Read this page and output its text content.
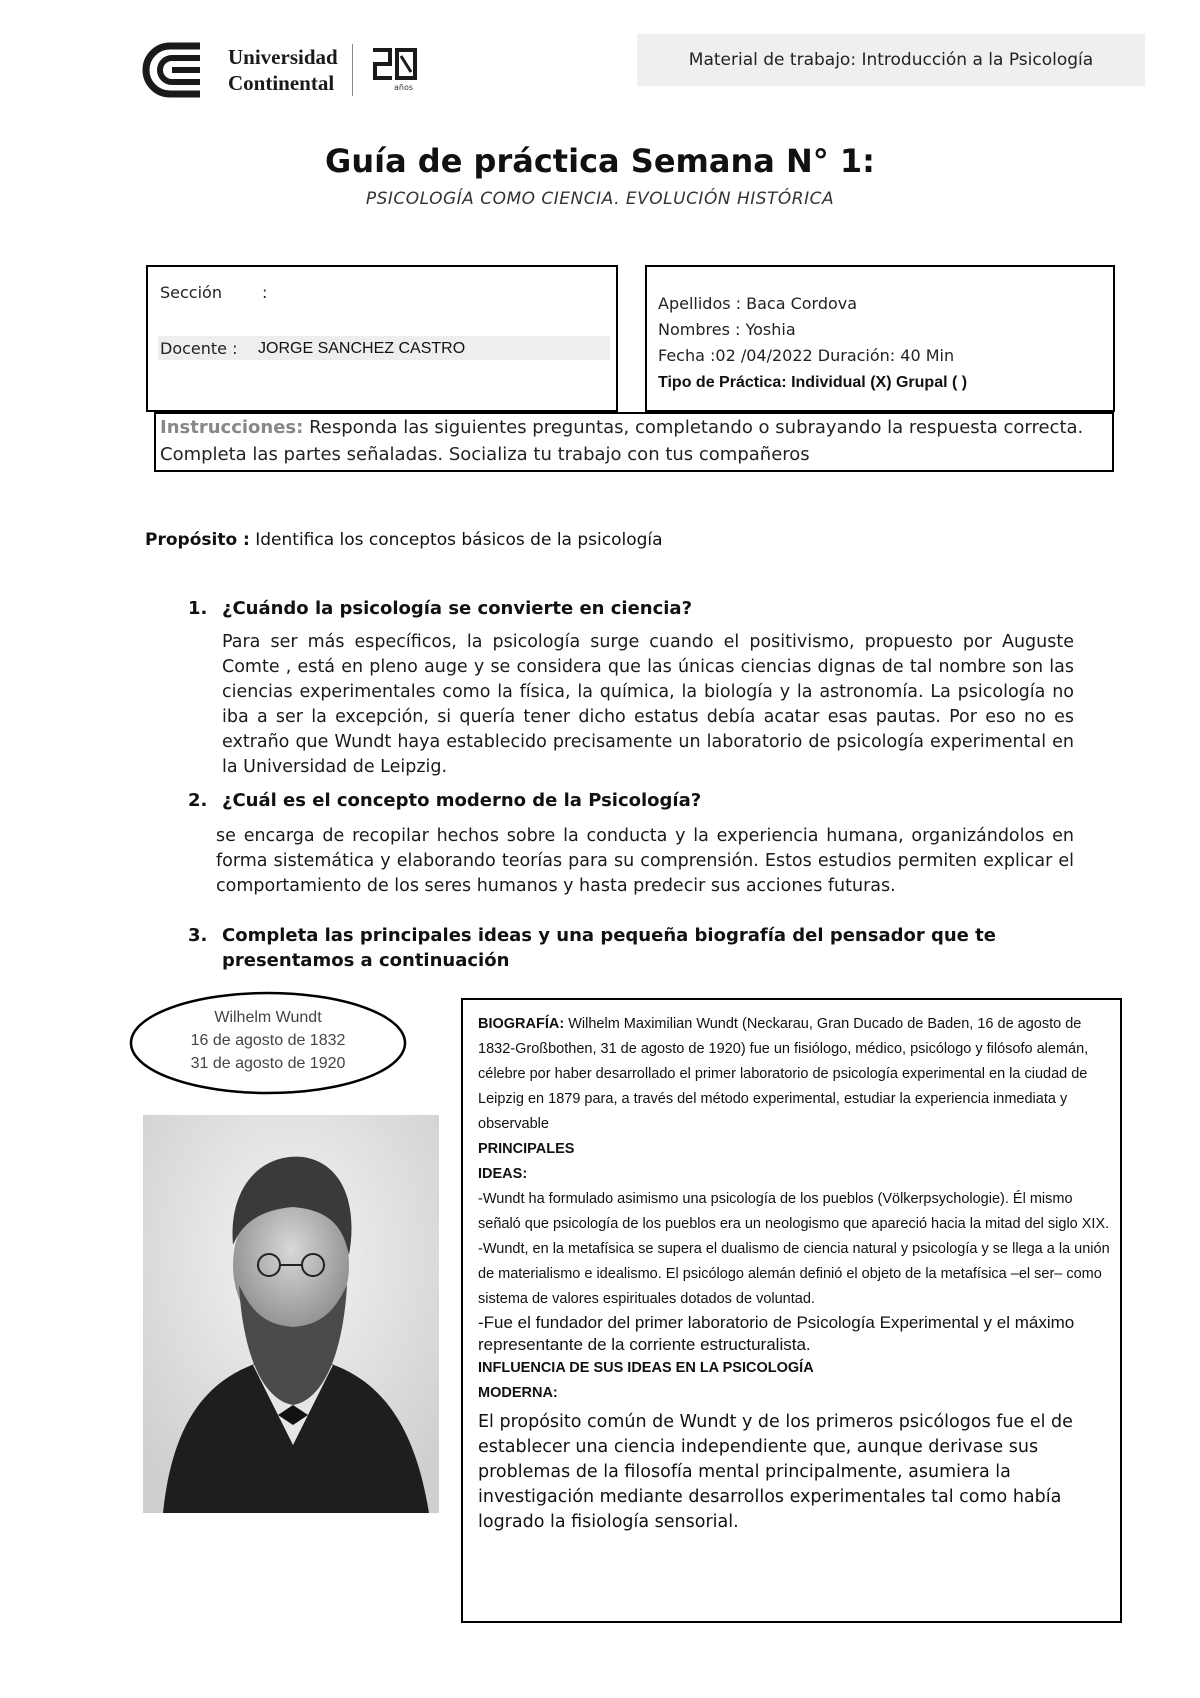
Universidad
Continental	años
Material de trabajo: Introducción a la Psicología
Guía de práctica Semana N° 1:
PSICOLOGÍA COMO CIENCIA. EVOLUCIÓN HISTÓRICA
Sección	:
Docente : JORGE SANCHEZ CASTRO
Apellidos : Baca Cordova
Nombres : Yoshia
Fecha :02 /04/2022 Duración: 40 Min
Tipo de Práctica: Individual (X) Grupal ( )
Instrucciones: Responda las siguientes preguntas, completando o subrayando la respuesta correcta. Completa las partes señaladas. Socializa tu trabajo con tus compañeros
Propósito : Identifica los conceptos básicos de la psicología
1. ¿Cuándo la psicología se convierte en ciencia?
Para ser más específicos, la psicología surge cuando el positivismo, propuesto por Auguste Comte , está en pleno auge y se considera que las únicas ciencias dignas de tal nombre son las ciencias experimentales como la física, la química, la biología y la astronomía. La psicología no iba a ser la excepción, si quería tener dicho estatus debía acatar esas pautas. Por eso no es extraño que Wundt haya establecido precisamente un laboratorio de psicología experimental en la Universidad de Leipzig.
2. ¿Cuál es el concepto moderno de la Psicología?
se encarga de recopilar hechos sobre la conducta y la experiencia humana, organizándolos en forma sistemática y elaborando teorías para su comprensión. Estos estudios permiten explicar el comportamiento de los seres humanos y hasta predecir sus acciones futuras.
3. Completa las principales ideas y una pequeña biografía del pensador que te
presentamos a continuación
Wilhelm Wundt
16 de agosto de 1832
31 de agosto de 1920
BIOGRAFÍA: Wilhelm Maximilian Wundt (Neckarau, Gran Ducado de Baden, 16 de agosto de 1832-Großbothen, 31 de agosto de 1920) fue un fisiólogo, médico, psicólogo y filósofo alemán, célebre por haber desarrollado el primer laboratorio de psicología experimental en la ciudad de Leipzig en 1879 para, a través del método experimental, estudiar la experiencia inmediata y observable
PRINCIPALES
IDEAS:
-Wundt ha formulado asimismo una psicología de los pueblos (Völkerpsychologie). Él mismo señaló que psicología de los pueblos era un neologismo que apareció hacia la mitad del siglo XIX.
-Wundt, en la metafísica se supera el dualismo de ciencia natural y psicología y se llega a la unión de materialismo e idealismo. El psicólogo alemán definió el objeto de la metafísica –el ser– como sistema de valores espirituales dotados de voluntad.
-Fue el fundador del primer laboratorio de Psicología Experimental y el máximo representante de la corriente estructuralista.
INFLUENCIA DE SUS IDEAS EN LA PSICOLOGÍA
MODERNA:
El propósito común de Wundt y de los primeros psicólogos fue el de establecer una ciencia independiente que, aunque derivase sus problemas de la filosofía mental principalmente, asumiera la investigación mediante desarrollos experimentales tal como había logrado la fisiología sensorial.
